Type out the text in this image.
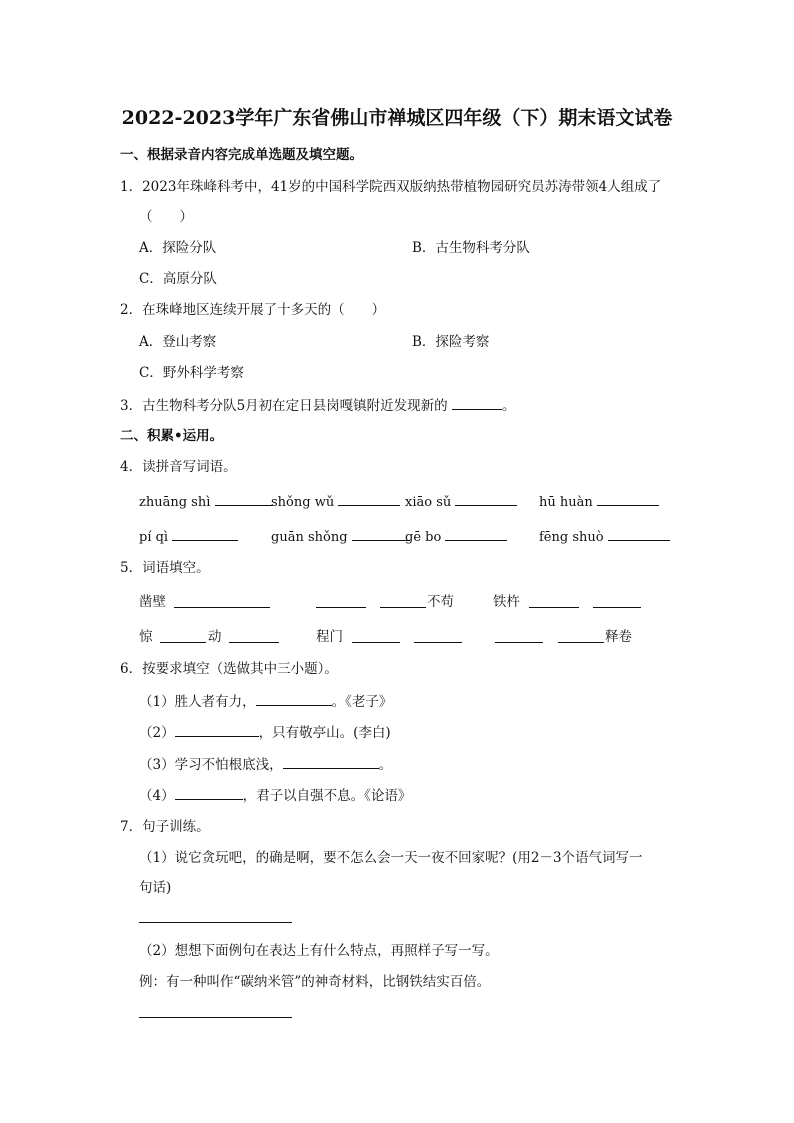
2022-2023学年广东省佛山市禅城区四年级（下）期末语文试卷
一、根据录音内容完成单选题及填空题。
1．2023年珠峰科考中，41岁的中国科学院西双版纳热带植物园研究员苏涛带领4人组成了
（　　）
A．探险分队	B．古生物科考分队
C．高原分队
2．在珠峰地区连续开展了十多天的（　　）
A．登山考察	B．探险考察
C．野外科学考察
3．古生物科考分队5月初在定日县岗嘎镇附近发现新的	。
二、积累•运用。
4．读拼音写词语。
zhuāng shì	shǒng wǔ	xiāo sǔ	hū huàn
pí qì	guān shǒng	gē bo	fēng shuò
5．词语填空。
凿壁	不苟	铁杵
惊	动	程门	释卷
6．按要求填空（选做其中三小题）。
（1）胜人者有力，	。《老子》
（2）	，只有敬亭山。(李白)
（3）学习不怕根底浅，	。
（4）	，君子以自强不息。《论语》
7．句子训练。
（1）说它贪玩吧，的确是啊，要不怎么会一天一夜不回家呢？(用2－3个语气词写一
句话)
（2）想想下面例句在表达上有什么特点，再照样子写一写。
例：有一种叫作“碳纳米管”的神奇材料，比钢铁结实百倍。
